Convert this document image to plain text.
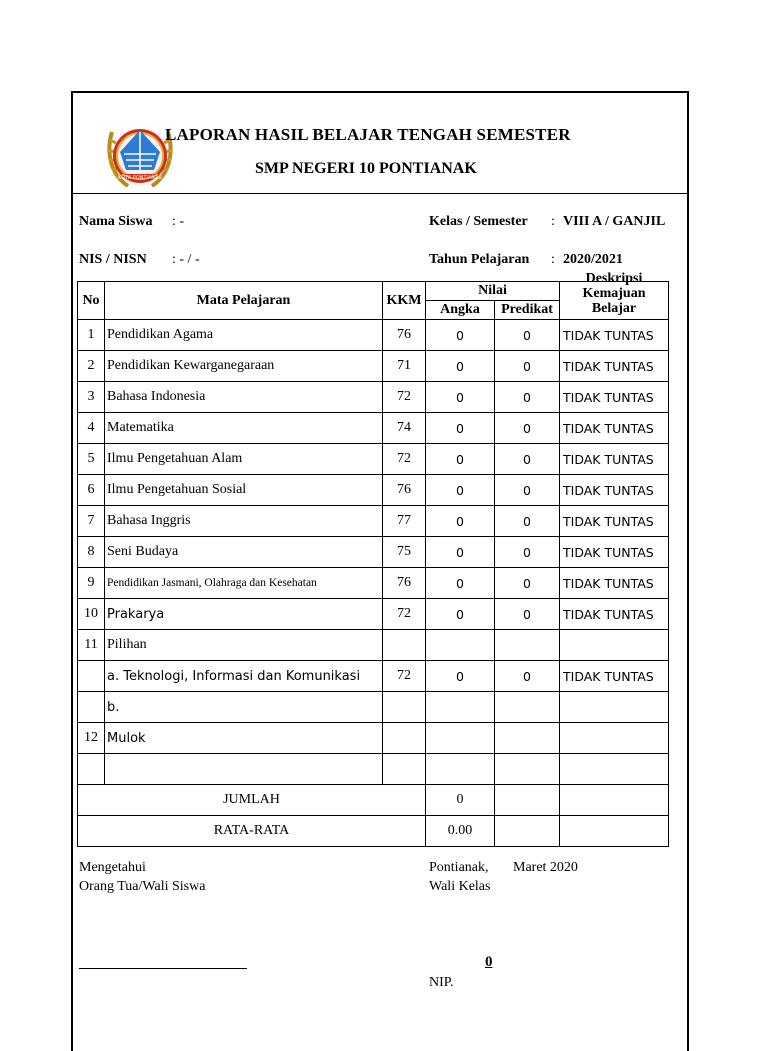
KOTA PONTIANAK
LAPORAN HASIL BELAJAR TENGAH SEMESTER
SMP NEGERI 10 PONTIANAK
Nama Siswa : -
NIS / NISN : - / -
Kelas / Semester : VIII A / GANJIL
Tahun Pelajaran : 2020/2021
No	Mata Pelajaran	KKM	Nilai		Deskripsi
Kemajuan
Belajar

			Angka	Predikat	
1	Pendidikan Agama	76	0	0	TIDAK TUNTAS
2	Pendidikan Kewarganegaraan	71	0	0	TIDAK TUNTAS
3	Bahasa Indonesia	72	0	0	TIDAK TUNTAS
4	Matematika	74	0	0	TIDAK TUNTAS
5	Ilmu Pengetahuan Alam	72	0	0	TIDAK TUNTAS
6	Ilmu Pengetahuan Sosial	76	0	0	TIDAK TUNTAS
7	Bahasa Inggris	77	0	0	TIDAK TUNTAS
8	Seni Budaya	75	0	0	TIDAK TUNTAS
9	Pendidikan Jasmani, Olahraga dan Kesehatan	76	0	0	TIDAK TUNTAS
10	Prakarya	72	0	0	TIDAK TUNTAS
11	Pilihan				
	a. Teknologi, Informasi dan Komunikasi	72	0	0	TIDAK TUNTAS
	b.				
12	Mulok				

JUMLAH			0		
RATA-RATA			0.00		
Mengetahui
Orang Tua/Wali Siswa
Pontianak, Maret 2020
Wali Kelas
0
NIP.
